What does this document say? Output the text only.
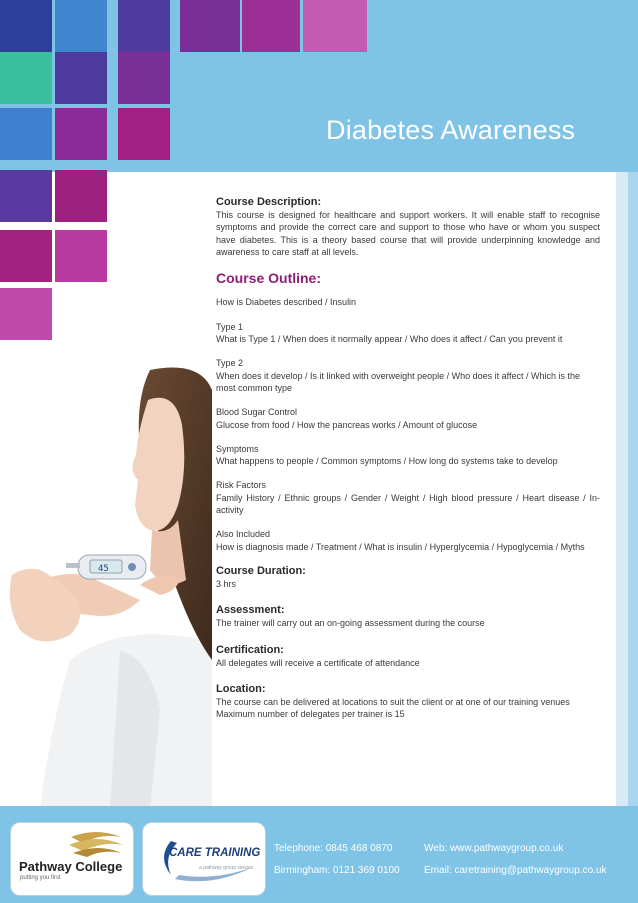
Diabetes Awareness
45
Course Description:
This course is designed for healthcare and support workers. It will enable staff to recognise symptoms and provide the correct care and support to those who have or whom you suspect have diabetes. This is a theory based course that will provide underpinning knowledge and awareness to care staff at all levels.
Course Outline:
How is Diabetes described / Insulin
Type 1
What is Type 1 / When does it normally appear / Who does it affect / Can you prevent it
Type 2
When does it develop / Is it linked with overweight people / Who does it affect / Which is the most common type
Blood Sugar Control
Glucose from food / How the pancreas works / Amount of glucose
Symptoms
What happens to people / Common symptoms / How long do systems take to develop
Risk Factors
Family History / Ethnic groups / Gender / Weight / High blood pressure / Heart disease / In-activity
Also Included
How is diagnosis made / Treatment / What is insulin / Hyperglycemia / Hypoglycemia / Myths
Course Duration:
3 hrs
Assessment:
The trainer will carry out an on-going assessment during the course
Certification:
All delegates will receive a certificate of attendance
Location:
The course can be delivered at locations to suit the client or at one of our training venues
Maximum number of delegates per trainer is 15
Pathway College
putting you first
CARE TRAINING
a pathway group service
Telephone: 0845 468 0870
Birmingham: 0121 369 0100
Web: www.pathwaygroup.co.uk
Email: caretraining@pathwaygroup.co.uk
